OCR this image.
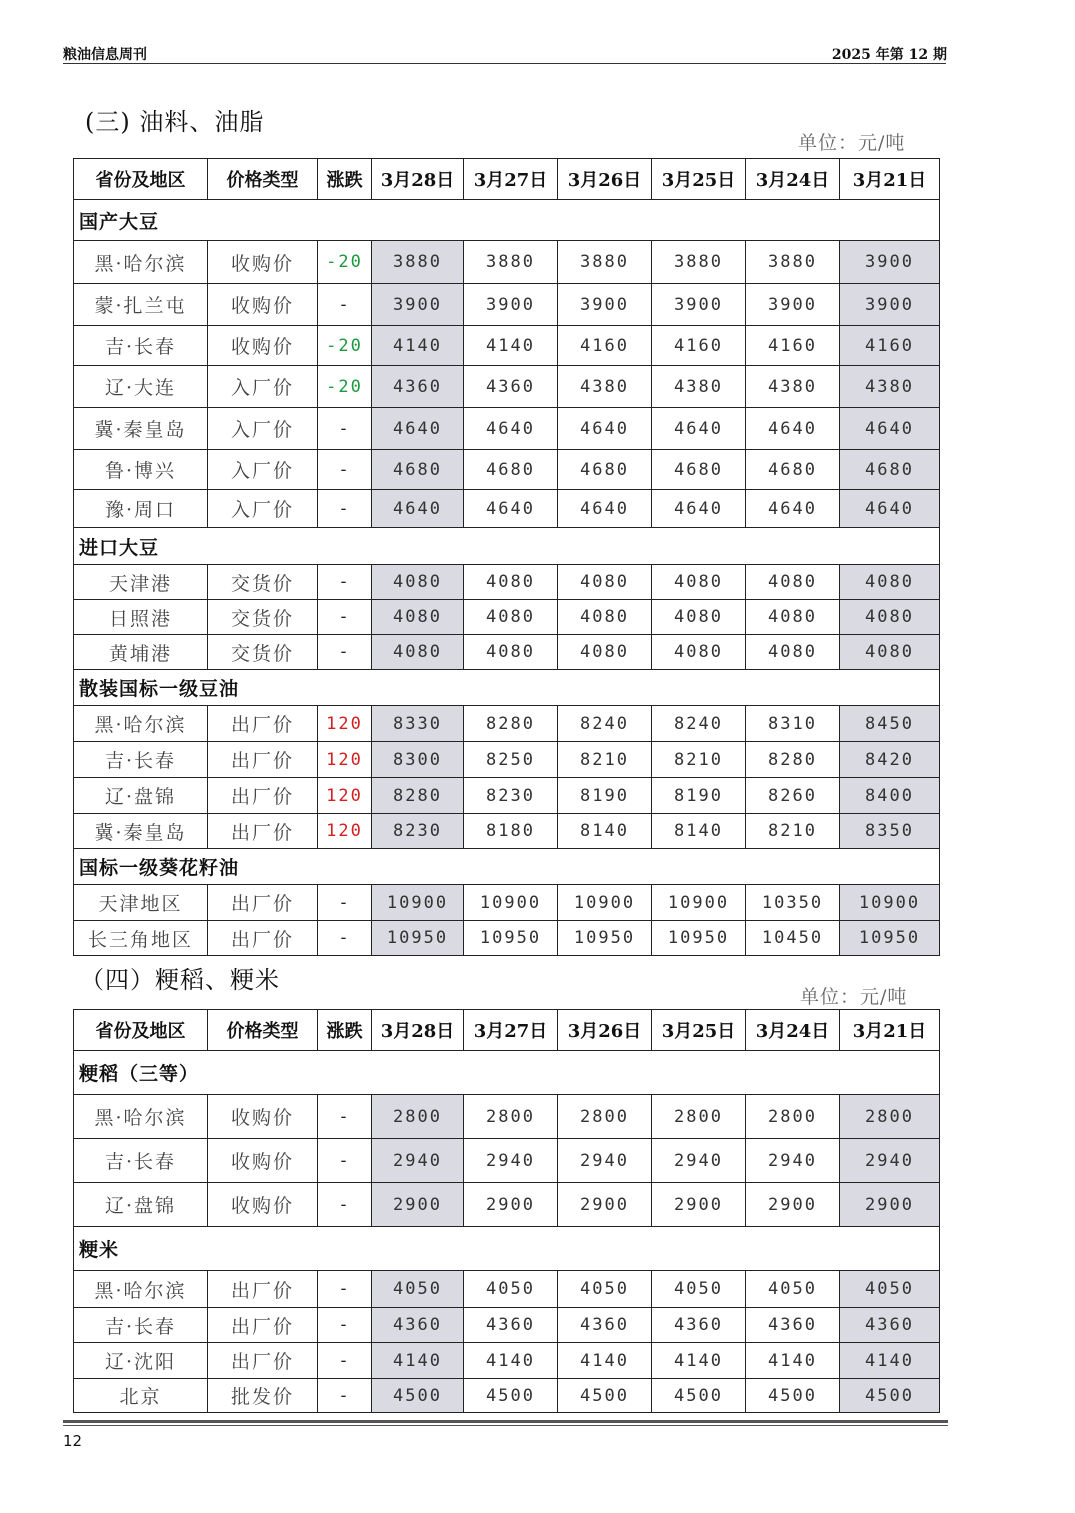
粮油信息周刊	2025 年第 12 期
(三) 油料、油脂
单位：元/吨
省份及地区	价格类型	涨跌	3月28日	3月27日	3月26日	3月25日	3月24日	3月21日
国产大豆								
黑·哈尔滨	收购价	-20	3880	3880	3880	3880	3880	3900
蒙·扎兰屯	收购价	-	3900	3900	3900	3900	3900	3900
吉·长春	收购价	-20	4140	4140	4160	4160	4160	4160
辽·大连	入厂价	-20	4360	4360	4380	4380	4380	4380
冀·秦皇岛	入厂价	-	4640	4640	4640	4640	4640	4640
鲁·博兴	入厂价	-	4680	4680	4680	4680	4680	4680
豫·周口	入厂价	-	4640	4640	4640	4640	4640	4640
进口大豆								
天津港	交货价	-	4080	4080	4080	4080	4080	4080
日照港	交货价	-	4080	4080	4080	4080	4080	4080
黄埔港	交货价	-	4080	4080	4080	4080	4080	4080
散装国标一级豆油								
黑·哈尔滨	出厂价	120	8330	8280	8240	8240	8310	8450
吉·长春	出厂价	120	8300	8250	8210	8210	8280	8420
辽·盘锦	出厂价	120	8280	8230	8190	8190	8260	8400
冀·秦皇岛	出厂价	120	8230	8180	8140	8140	8210	8350
国标一级葵花籽油								
天津地区	出厂价	-	10900	10900	10900	10900	10350	10900
长三角地区	出厂价	-	10950	10950	10950	10950	10450	10950
（四）粳稻、粳米
单位：元/吨
省份及地区	价格类型	涨跌	3月28日	3月27日	3月26日	3月25日	3月24日	3月21日
粳稻（三等）								
黑·哈尔滨	收购价	-	2800	2800	2800	2800	2800	2800
吉·长春	收购价	-	2940	2940	2940	2940	2940	2940
辽·盘锦	收购价	-	2900	2900	2900	2900	2900	2900
粳米								
黑·哈尔滨	出厂价	-	4050	4050	4050	4050	4050	4050
吉·长春	出厂价	-	4360	4360	4360	4360	4360	4360
辽·沈阳	出厂价	-	4140	4140	4140	4140	4140	4140
北京	批发价	-	4500	4500	4500	4500	4500	4500
12
